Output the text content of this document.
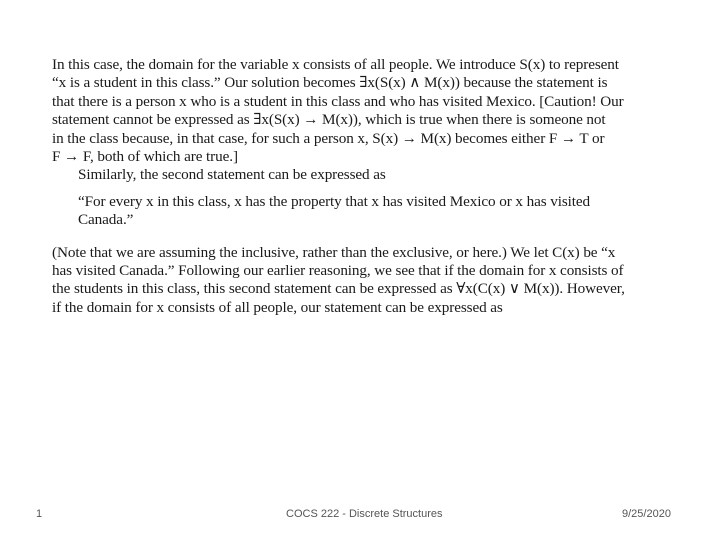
In this case, the domain for the variable x consists of all people. We introduce S(x) to represent
“x is a student in this class.” Our solution becomes ∃x(S(x) ∧ M(x)) because the statement is
that there is a person x who is a student in this class and who has visited Mexico. [Caution! Our
statement cannot be expressed as ∃x(S(x) → M(x)), which is true when there is someone not
in the class because, in that case, for such a person x, S(x) → M(x) becomes either F → T or
F → F, both of which are true.]
Similarly, the second statement can be expressed as
“For every x in this class, x has the property that x has visited Mexico or x has visited
Canada.”
(Note that we are assuming the inclusive, rather than the exclusive, or here.) We let C(x) be “x
has visited Canada.” Following our earlier reasoning, we see that if the domain for x consists of
the students in this class, this second statement can be expressed as ∀x(C(x) ∨ M(x)). However,
if the domain for x consists of all people, our statement can be expressed as
1	COCS 222 - Discrete Structures	9/25/2020
